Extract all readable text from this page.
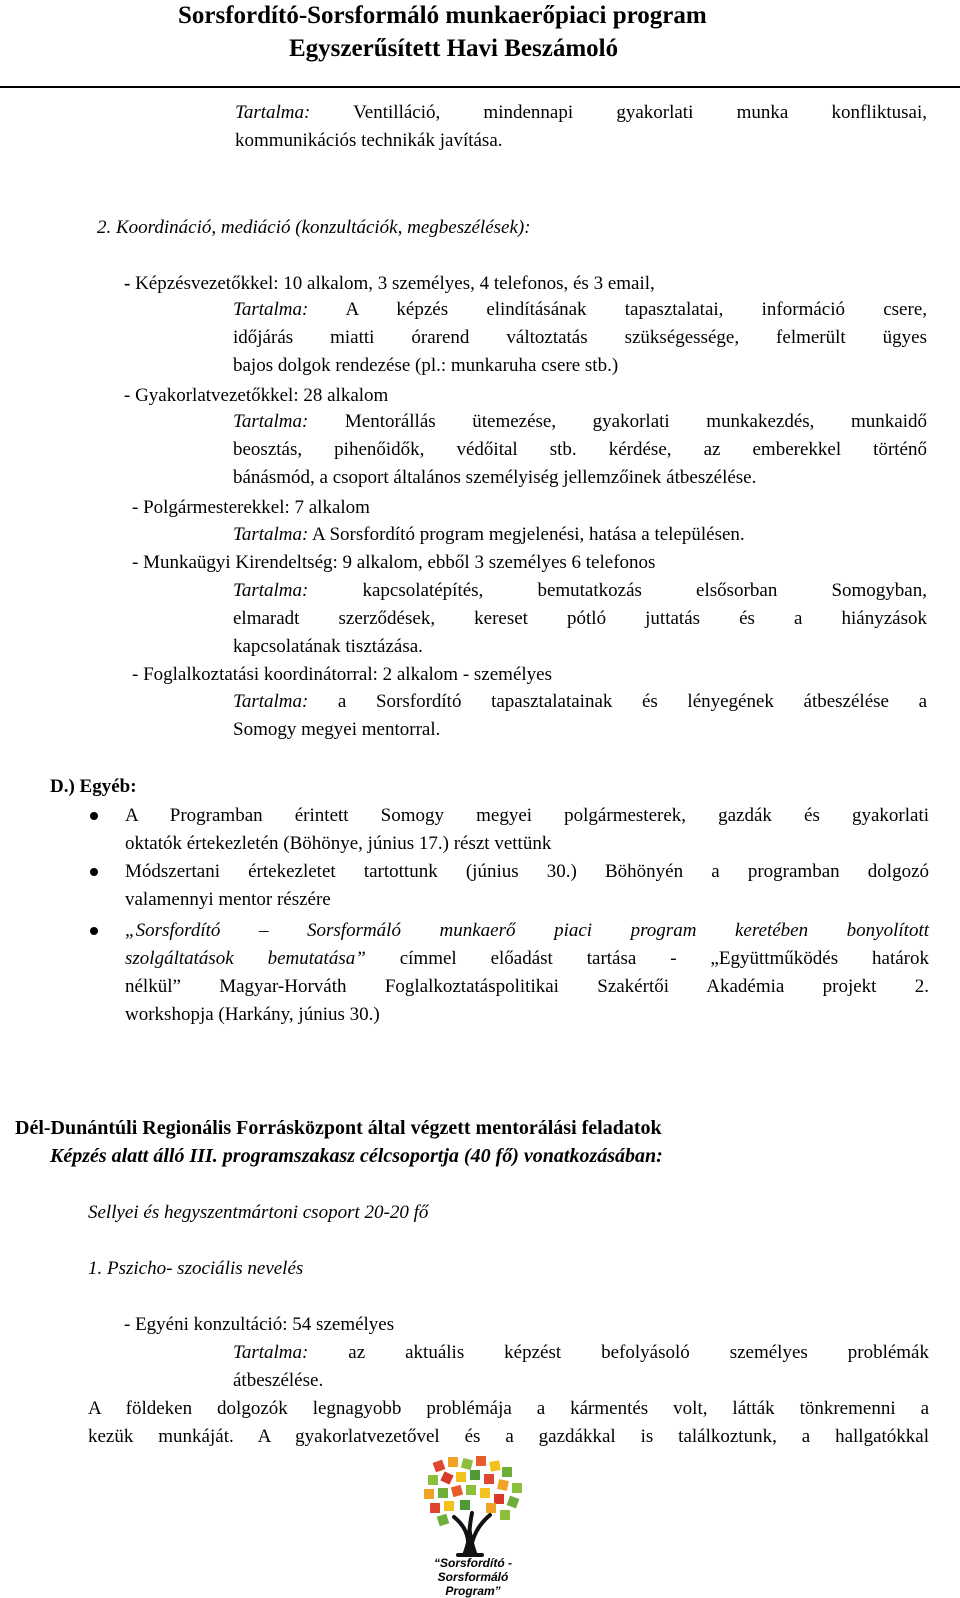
Sorsfordító-Sorsformáló munkaerőpiaci program
Egyszerűsített Havi Beszámoló
Tartalma: Ventilláció, mindennapi gyakorlati munka konfliktusai,
kommunikációs technikák javítása.
2. Koordináció, mediáció (konzultációk, megbeszélések):
- Képzésvezetőkkel: 10 alkalom, 3 személyes, 4 telefonos, és 3 email,
Tartalma: A képzés elindításának tapasztalatai, információ csere,
időjárás miatti órarend változtatás szükségessége, felmerült ügyes
bajos dolgok rendezése (pl.: munkaruha csere stb.)
- Gyakorlatvezetőkkel: 28 alkalom
Tartalma: Mentorállás ütemezése, gyakorlati munkakezdés, munkaidő
beosztás, pihenőidők, védőital stb. kérdése, az emberekkel történő
bánásmód, a csoport általános személyiség jellemzőinek átbeszélése.
- Polgármesterekkel: 7 alkalom
Tartalma: A Sorsfordító program megjelenési, hatása a településen.
- Munkaügyi Kirendeltség: 9 alkalom, ebből 3 személyes 6 telefonos
Tartalma: kapcsolatépítés, bemutatkozás elsősorban Somogyban,
elmaradt szerződések, kereset pótló juttatás és a hiányzások
kapcsolatának tisztázása.
- Foglalkoztatási koordinátorral: 2 alkalom - személyes
Tartalma: a Sorsfordító tapasztalatainak és lényegének átbeszélése a
Somogy megyei mentorral.
D.) Egyéb:
A Programban érintett Somogy megyei polgármesterek, gazdák és gyakorlati
oktatók értekezletén (Böhönye, június 17.) részt vettünk
Módszertani értekezletet tartottunk (június 30.) Böhönyén a programban dolgozó
valamennyi mentor részére
„Sorsfordító – Sorsformáló munkaerő piaci program keretében bonyolított
szolgáltatások bemutatása” címmel előadást tartása - „Együttműködés határok
nélkül” Magyar-Horváth Foglalkoztatáspolitikai Szakértői Akadémia projekt 2.
workshopja (Harkány, június 30.)
Dél-Dunántúli Regionális Forrásközpont által végzett mentorálási feladatok
Képzés alatt álló III. programszakasz célcsoportja (40 fő) vonatkozásában:
Sellyei és hegyszentmártoni csoport 20-20 fő
1. Pszicho- szociális nevelés
- Egyéni konzultáció: 54 személyes
Tartalma: az aktuális képzést befolyásoló személyes problémák
átbeszélése.
A földeken dolgozók legnagyobb problémája a kármentés volt, látták tönkremenni a
kezük munkáját. A gyakorlatvezetővel és a gazdákkal is találkoztunk, a hallgatókkal
“Sorsfordító - Sorsformáló
Program”
